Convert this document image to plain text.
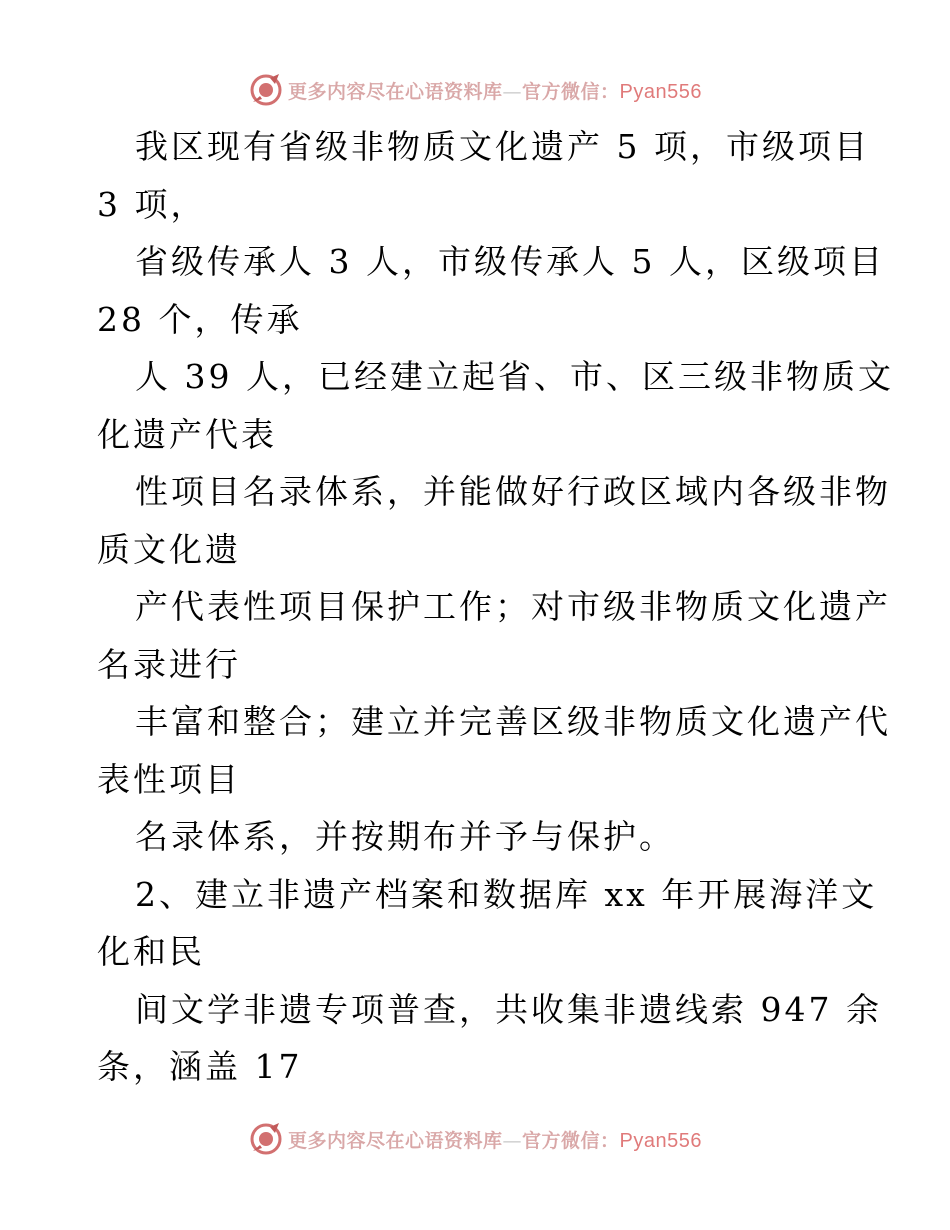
更多内容尽在心语资料库—官方微信：Pyan556
我区现有省级非物质文化遗产 5 项，市级项目
3 项，
省级传承人 3 人，市级传承人 5 人，区级项目
28 个，传承
人 39 人，已经建立起省、市、区三级非物质文
化遗产代表
性项目名录体系，并能做好行政区域内各级非物
质文化遗
产代表性项目保护工作；对市级非物质文化遗产
名录进行
丰富和整合；建立并完善区级非物质文化遗产代
表性项目
名录体系，并按期布并予与保护。
2、建立非遗产档案和数据库 xx 年开展海洋文
化和民
间文学非遗专项普查，共收集非遗线索 947 余
条，涵盖 17
更多内容尽在心语资料库—官方微信：Pyan556
